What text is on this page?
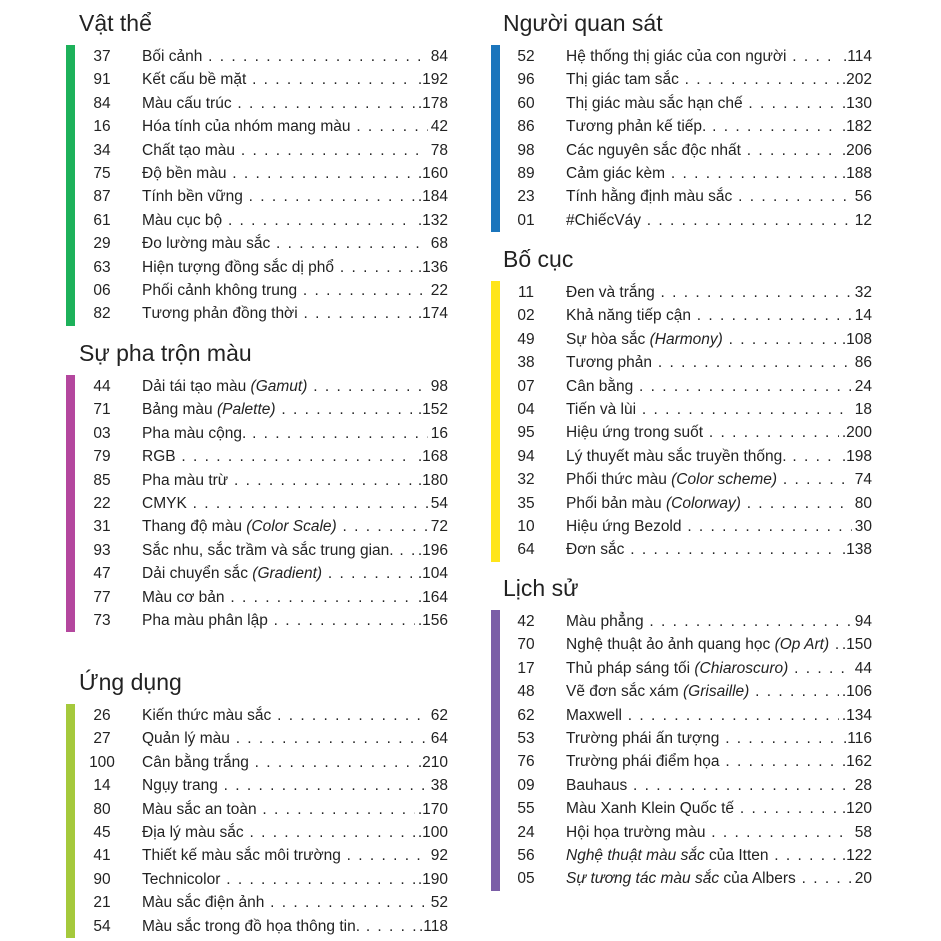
Vật thể
37	Bối cảnh	84
. . .
91	Kết cấu bề mặt	.192
. . .
84	Màu cấu trúc	.178
. . .
16	Hóa tính của nhóm mang màu	42
. . .
34	Chất tạo màu	78
. . .
75	Độ bền màu	.160
. . .
87	Tính bền vững	.184
. . .
61	Màu cục bộ	.132
. . .
29	Đo lường màu sắc	68
. . .
63	Hiện tượng đồng sắc dị phổ	.136
. . .
06	Phối cảnh không trung	22
. . .
82	Tương phản đồng thời	.174
. . .
Sự pha trộn màu
44	Dải tái tạo màu (Gamut)	98
. . .
71	Bảng màu (Palette)	.152
. . .
03	Pha màu cộng.	16
. . .
79	RGB	.168
. . .
85	Pha màu trừ	.180
. . .
22	CMYK	54
. . .
31	Thang độ màu (Color Scale)	72
. . .
93	Sắc nhu, sắc trầm và sắc trung gian. .196
. . .
47	Dải chuyển sắc (Gradient)	.104
. . .
77	Màu cơ bản	.164
. . .
73	Pha màu phân lập	.156
. . .
Ứng dụng
26	Kiến thức màu sắc	62
. . .
27	Quản lý màu	64
. . .
100	Cân bằng trắng	.210
. . .
14	Ngụy trang	38
. . .
80	Màu sắc an toàn	.170
. . .
45	Địa lý màu sắc	.100
. . .
41	Thiết kế màu sắc môi trường	92
. . .
90	Technicolor	.190
. . .
21	Màu sắc điện ảnh	52
. . .
54	Màu sắc trong đồ họa thông tin.	.118
. . .
Người quan sát
52	Hệ thống thị giác của con người	.114
. . .
96	Thị giác tam sắc	.202
. . .
60	Thị giác màu sắc hạn chế	.130
. . .
86	Tương phản kế tiếp.	.182
. . .
98	Các nguyên sắc độc nhất	.206
. . .
89	Cảm giác kèm	.188
. . .
23	Tính hằng định màu sắc	56
. . .
01	#ChiếcVáy	12
. . .
Bố cục
11	Đen và trắng	32
. . .
02	Khả năng tiếp cận	14
. . .
49	Sự hòa sắc (Harmony)	.108
. . .
38	Tương phản	86
. . .
07	Cân bằng	24
. . .
04	Tiến và lùi	18
. . .
95	Hiệu ứng trong suốt	.200
. . .
94	Lý thuyết màu sắc truyền thống.	.198
. . .
32	Phối thức màu (Color scheme)	74
. . .
35	Phối bản màu (Colorway)	80
. . .
10	Hiệu ứng Bezold	30
. . .
64	Đơn sắc	.138
. . .
Lịch sử
42	Màu phẳng	94
. . .
70	Nghệ thuật ảo ảnh quang học (Op Art) .150
. . .
17	Thủ pháp sáng tối (Chiaroscuro)	44
. . .
48	Vẽ đơn sắc xám (Grisaille)	.106
. . .
62	Maxwell	.134
. . .
53	Trường phái ấn tượng	.116
. . .
76	Trường phái điểm họa	.162
. . .
09	Bauhaus	28
. . .
55	Màu Xanh Klein Quốc tế	.120
. . .
24	Hội họa trường màu	58
. . .
56	Nghệ thuật màu sắc của Itten	.122
. . .
05	Sự tương tác màu sắc của Albers	20
. . .
